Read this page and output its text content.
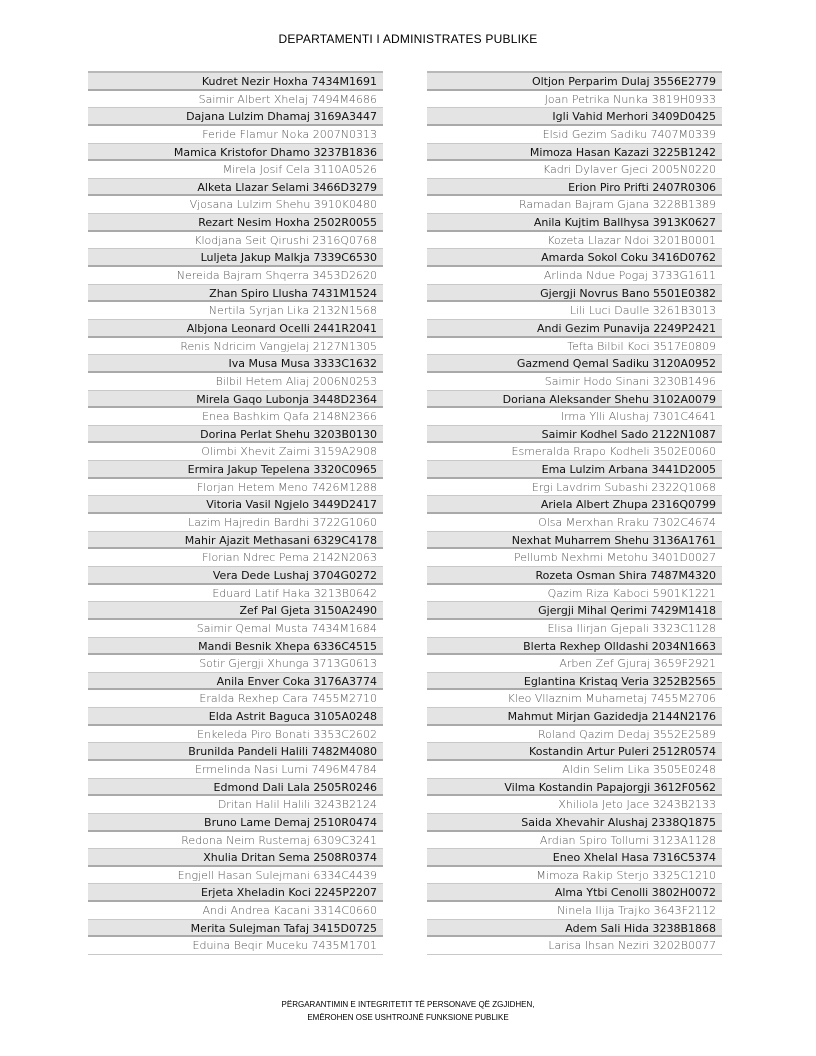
DEPARTAMENTI I ADMINISTRATES PUBLIKE
Kudret Nezir Hoxha 7434M1691
Saimir Albert Xhelaj 7494M4686
Dajana Lulzim Dhamaj 3169A3447
Feride Flamur Noka 2007N0313
Mamica Kristofor Dhamo 3237B1836
Mirela Josif Cela 3110A0526
Alketa Llazar Selami 3466D3279
Vjosana Lulzim Shehu 3910K0480
Rezart Nesim Hoxha 2502R0055
Klodjana Seit Qirushi 2316Q0768
Luljeta Jakup Malkja 7339C6530
Nereida Bajram Shqerra 3453D2620
Zhan Spiro Llusha 7431M1524
Nertila Syrjan Lika 2132N1568
Albjona Leonard Ocelli 2441R2041
Renis Ndricim Vangjelaj 2127N1305
Iva Musa Musa 3333C1632
Bilbil Hetem Aliaj 2006N0253
Mirela Gaqo Lubonja 3448D2364
Enea Bashkim Qafa 2148N2366
Dorina Perlat Shehu 3203B0130
Olimbi Xhevit Zaimi 3159A2908
Ermira Jakup Tepelena 3320C0965
Florjan Hetem Meno 7426M1288
Vitoria Vasil Ngjelo 3449D2417
Lazim Hajredin Bardhi 3722G1060
Mahir Ajazit Methasani 6329C4178
Florian Ndrec Pema 2142N2063
Vera Dede Lushaj 3704G0272
Eduard Latif Haka 3213B0642
Zef Pal Gjeta 3150A2490
Saimir Qemal Musta 7434M1684
Mandi Besnik Xhepa 6336C4515
Sotir Gjergji Xhunga 3713G0613
Anila Enver Coka 3176A3774
Eralda Rexhep Cara 7455M2710
Elda Astrit Baguca 3105A0248
Enkeleda Piro Bonati 3353C2602
Brunilda Pandeli Halili 7482M4080
Ermelinda Nasi Lumi 7496M4784
Edmond Dali Lala 2505R0246
Dritan Halil Halili 3243B2124
Bruno Lame Demaj 2510R0474
Redona Neim Rustemaj 6309C3241
Xhulia Dritan Sema 2508R0374
Engjell Hasan Sulejmani 6334C4439
Erjeta Xheladin Koci 2245P2207
Andi Andrea Kacani 3314C0660
Merita Sulejman Tafaj 3415D0725
Eduina Beqir Muceku 7435M1701
Oltjon Perparim Dulaj 3556E2779
Joan Petrika Nunka 3819H0933
Igli Vahid Merhori 3409D0425
Elsid Gezim Sadiku 7407M0339
Mimoza Hasan Kazazi 3225B1242
Kadri Dylaver Gjeci 2005N0220
Erion Piro Prifti 2407R0306
Ramadan Bajram Gjana 3228B1389
Anila Kujtim Ballhysa 3913K0627
Kozeta Llazar Ndoi 3201B0001
Amarda Sokol Coku 3416D0762
Arlinda Ndue Pogaj 3733G1611
Gjergji Novrus Bano 5501E0382
Lili Luci Daulle 3261B3013
Andi Gezim Punavija 2249P2421
Tefta Bilbil Koci 3517E0809
Gazmend Qemal Sadiku 3120A0952
Saimir Hodo Sinani 3230B1496
Doriana Aleksander Shehu 3102A0079
Irma Ylli Alushaj 7301C4641
Saimir Kodhel Sado 2122N1087
Esmeralda Rrapo Kodheli 3502E0060
Ema Lulzim Arbana 3441D2005
Ergi Lavdrim Subashi 2322Q1068
Ariela Albert Zhupa 2316Q0799
Olsa Merxhan Rraku 7302C4674
Nexhat Muharrem Shehu 3136A1761
Pellumb Nexhmi Metohu 3401D0027
Rozeta Osman Shira 7487M4320
Qazim Riza Kaboci 5901K1221
Gjergji Mihal Qerimi 7429M1418
Elisa Ilirjan Gjepali 3323C1128
Blerta Rexhep Olldashi 2034N1663
Arben Zef Gjuraj 3659F2921
Eglantina Kristaq Veria 3252B2565
Kleo Vllaznim Muhametaj 7455M2706
Mahmut Mirjan Gazidedja 2144N2176
Roland Qazim Dedaj 3552E2589
Kostandin Artur Puleri 2512R0574
Aldin Selim Lika 3505E0248
Vilma Kostandin Papajorgji 3612F0562
Xhiliola Jeto Jace 3243B2133
Saida Xhevahir Alushaj 2338Q1875
Ardian Spiro Tollumi 3123A1128
Eneo Xhelal Hasa 7316C5374
Mimoza Rakip Sterjo 3325C1210
Alma Ytbi Cenolli 3802H0072
Ninela Ilija Trajko 3643F2112
Adem Sali Hida 3238B1868
Larisa Ihsan Neziri 3202B0077
PËRGARANTIMIN E INTEGRITETIT TË PERSONAVE QË ZGJIDHEN,
EMËROHEN OSE USHTROJNË FUNKSIONE PUBLIKE
